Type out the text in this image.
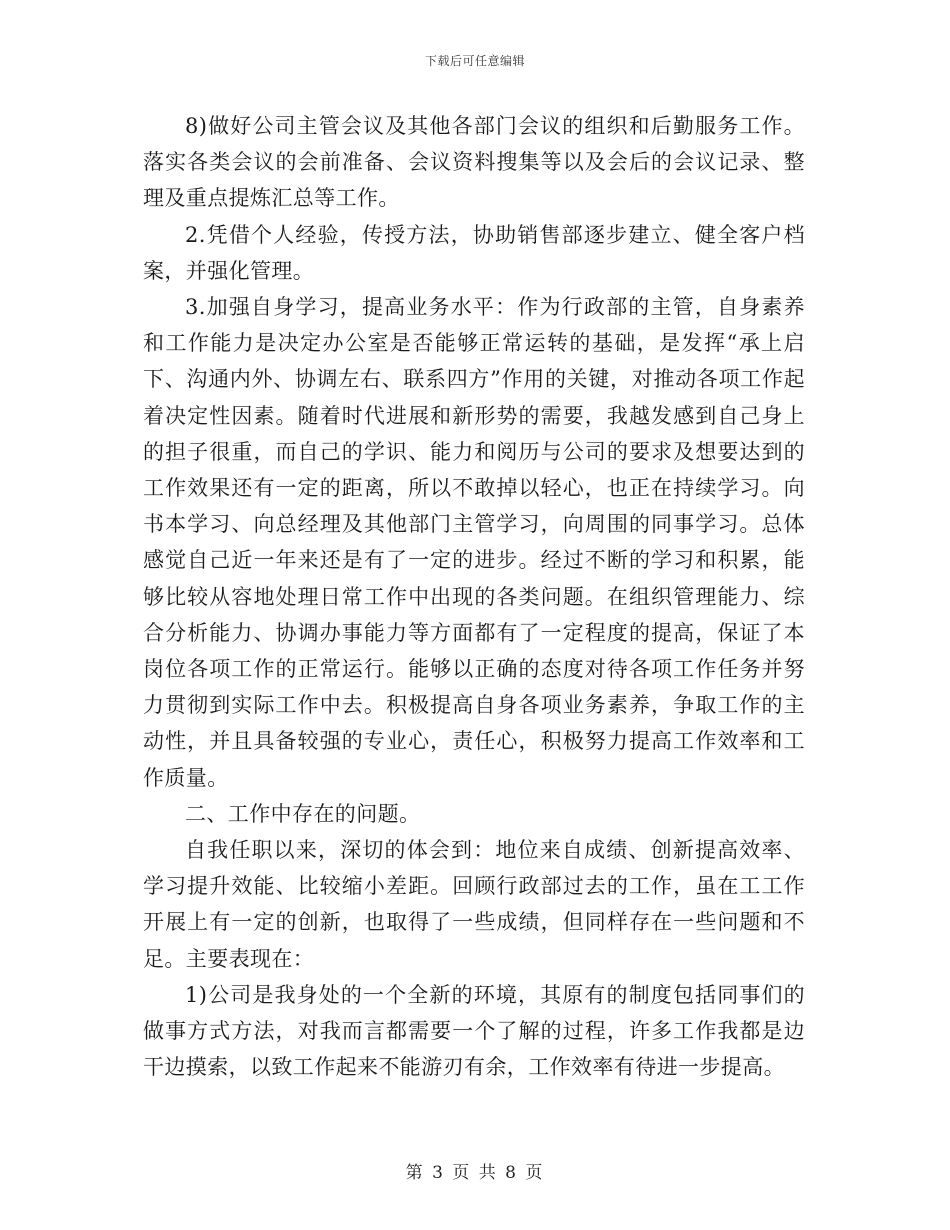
下载后可任意编辑

8)做好公司主管会议及其他各部门会议的组织和后勤服务工作。落实各类会议的会前准备、会议资料搜集等以及会后的会议记录、整理及重点提炼汇总等工作。

2.凭借个人经验，传授方法，协助销售部逐步建立、健全客户档案，并强化管理。

3.加强自身学习，提高业务水平：作为行政部的主管，自身素养和工作能力是决定办公室是否能够正常运转的基础，是发挥“承上启下、沟通内外、协调左右、联系四方”作用的关键，对推动各项工作起着决定性因素。随着时代进展和新形势的需要，我越发感到自己身上的担子很重，而自己的学识、能力和阅历与公司的要求及想要达到的工作效果还有一定的距离，所以不敢掉以轻心，也正在持续学习。向书本学习、向总经理及其他部门主管学习，向周围的同事学习。总体感觉自己近一年来还是有了一定的进步。经过不断的学习和积累，能够比较从容地处理日常工作中出现的各类问题。在组织管理能力、综合分析能力、协调办事能力等方面都有了一定程度的提高，保证了本岗位各项工作的正常运行。能够以正确的态度对待各项工作任务并努力贯彻到实际工作中去。积极提高自身各项业务素养，争取工作的主动性，并且具备较强的专业心，责任心，积极努力提高工作效率和工作质量。

二、工作中存在的问题。

自我任职以来，深切的体会到：地位来自成绩、创新提高效率、学习提升效能、比较缩小差距。回顾行政部过去的工作，虽在工工作开展上有一定的创新，也取得了一些成绩，但同样存在一些问题和不足。主要表现在：

1)公司是我身处的一个全新的环境，其原有的制度包括同事们的做事方式方法，对我而言都需要一个了解的过程，许多工作我都是边干边摸索，以致工作起来不能游刃有余，工作效率有待进一步提高。

第 3 页 共 8 页
